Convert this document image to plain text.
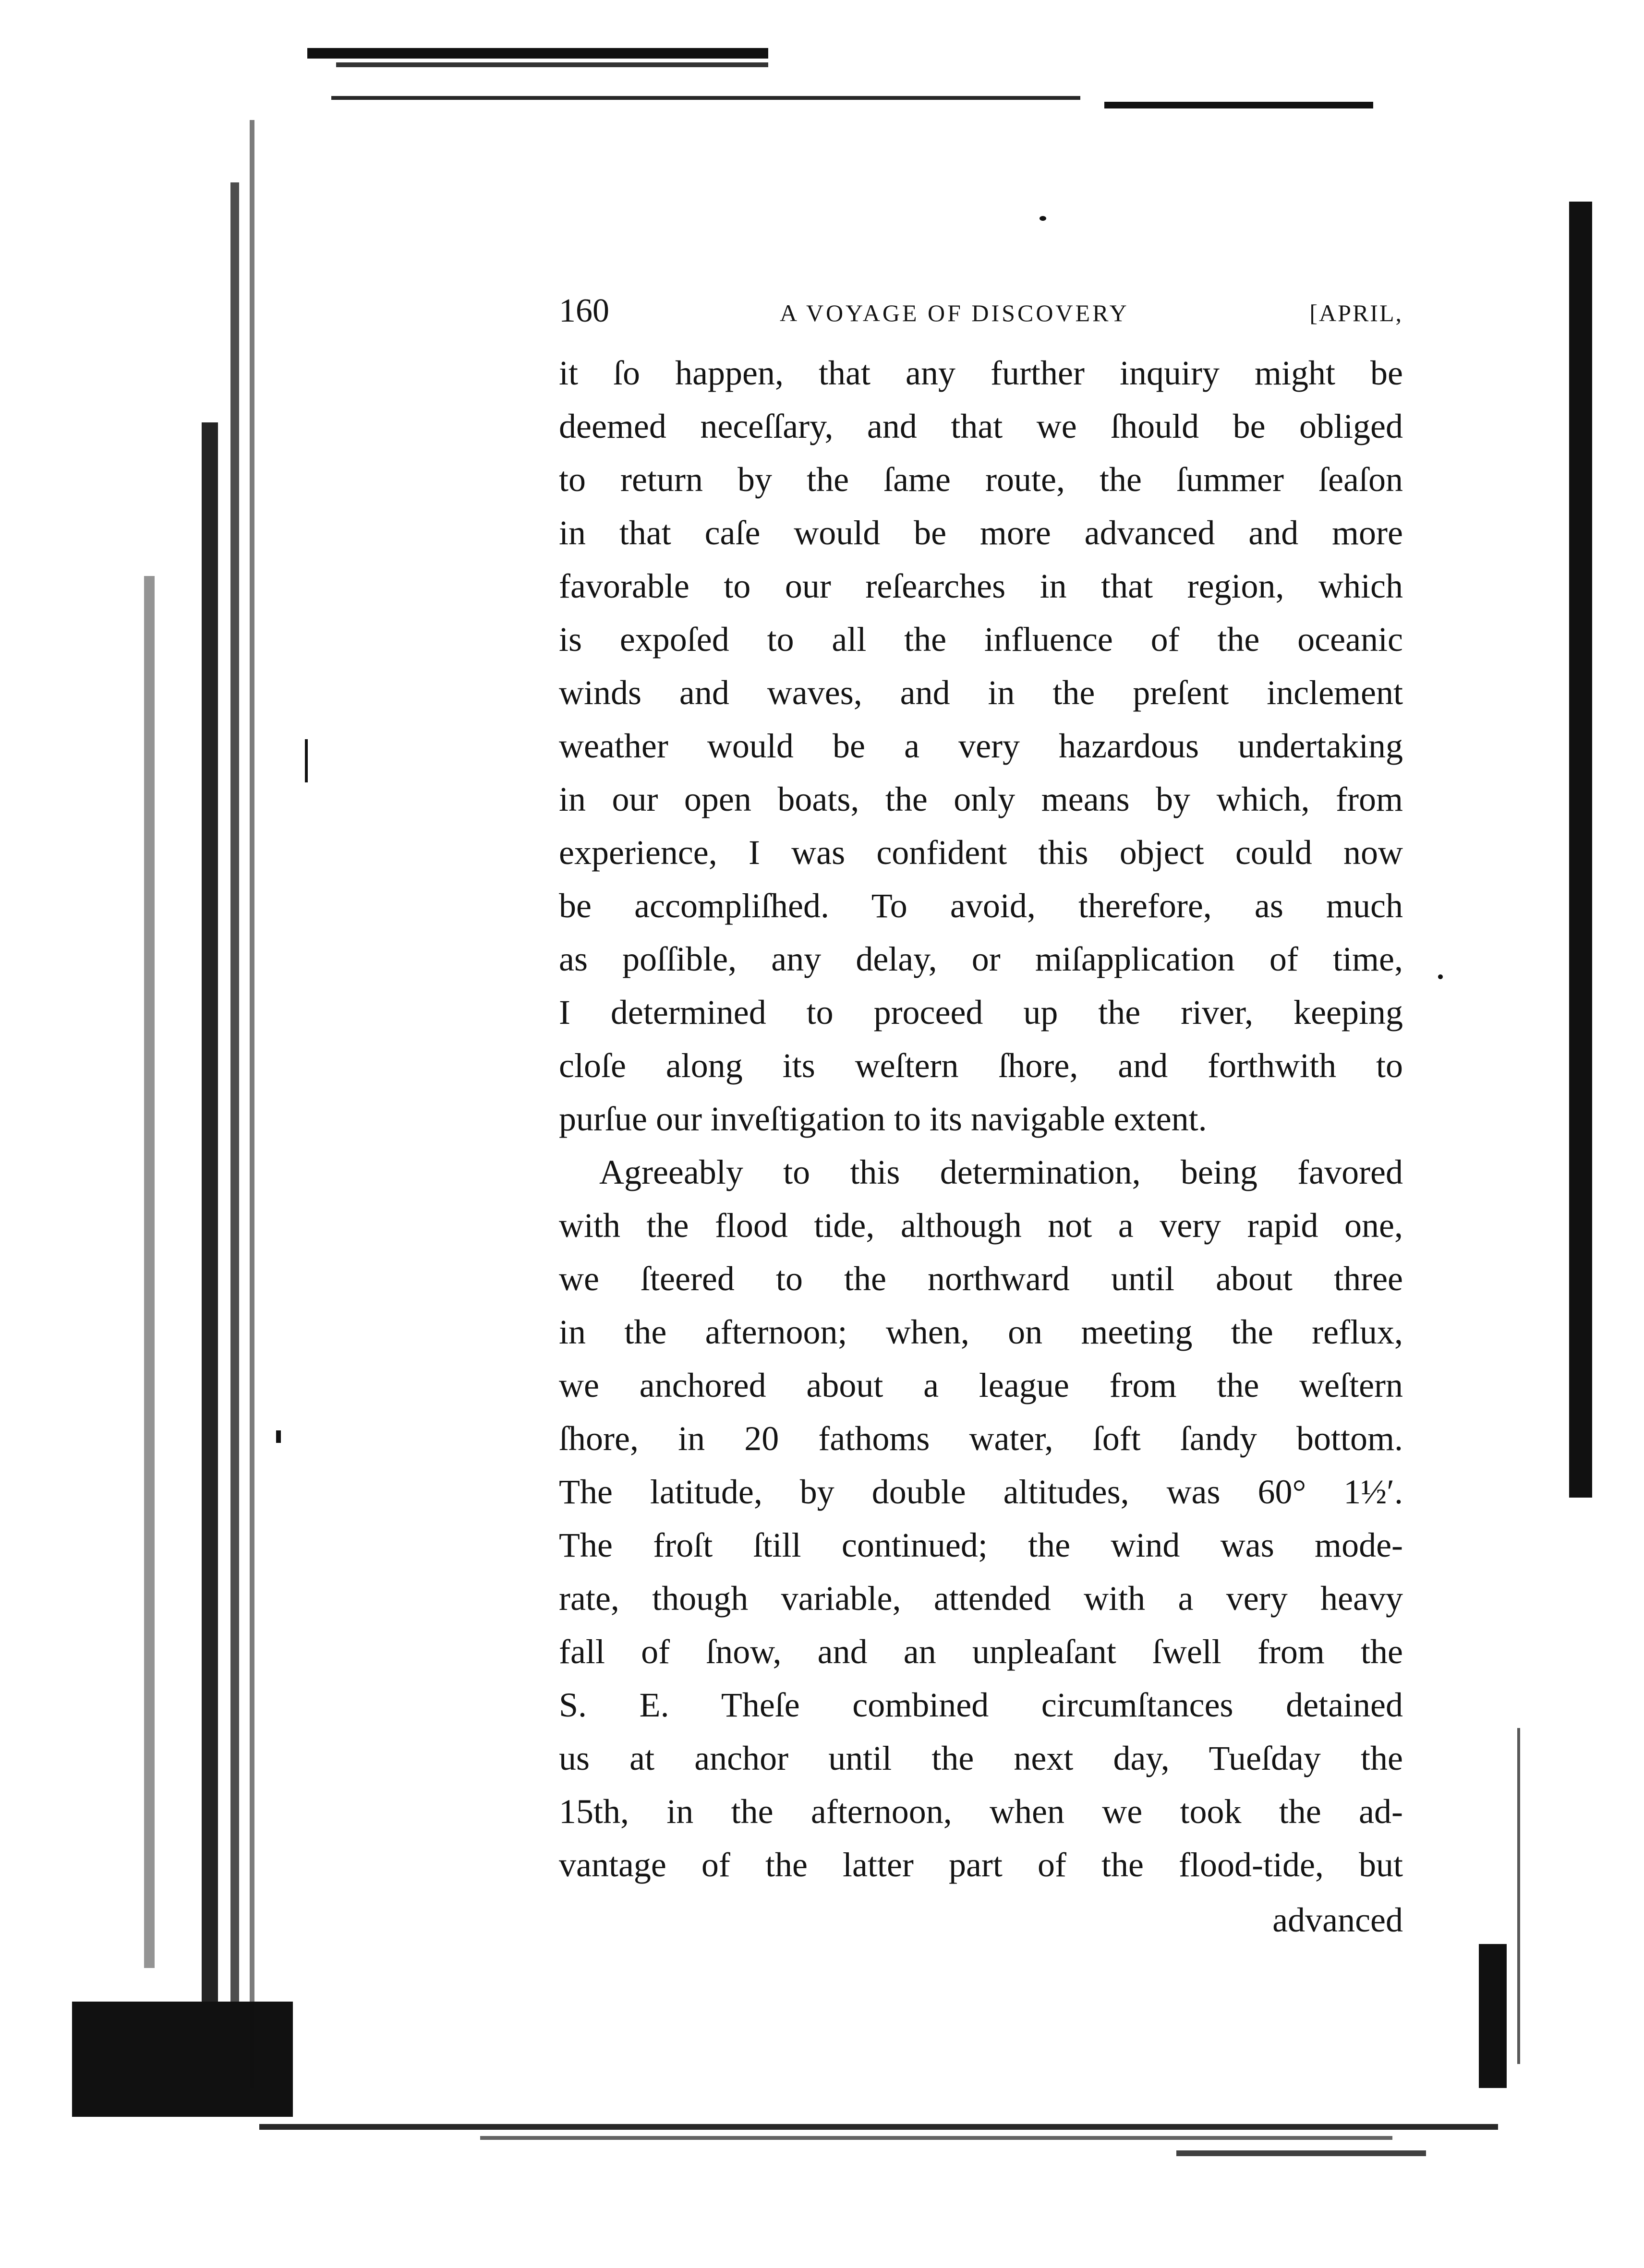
160	A VOYAGE OF DISCOVERY	[APRIL,

it ſo happen, that any further inquiry might be

deemed neceſſary, and that we ſhould be obliged

to return by the ſame route, the ſummer ſeaſon

in that caſe would be more advanced and more

favorable to our reſearches in that region, which

is expoſed to all the influence of the oceanic

winds and waves, and in the preſent inclement

weather would be a very hazardous undertaking

in our open boats, the only means by which, from

experience, I was confident this object could now

be accompliſhed. To avoid, therefore, as much

as poſſible, any delay, or miſapplication of time,

I determined to proceed up the river, keeping

cloſe along its weſtern ſhore, and forthwith to

purſue our inveſtigation to its navigable extent.

Agreeably to this determination, being favored

with the flood tide, although not a very rapid one,

we ſteered to the northward until about three

in the afternoon; when, on meeting the reflux,

we anchored about a league from the weſtern

ſhore, in 20 fathoms water, ſoft ſandy bottom.

The latitude, by double altitudes, was 60° 1½′.

The froſt ſtill continued; the wind was mode-

rate, though variable, attended with a very heavy

fall of ſnow, and an unpleaſant ſwell from the

S. E. Theſe combined circumſtances detained

us at anchor until the next day, Tueſday the

15th, in the afternoon, when we took the ad-

vantage of the latter part of the flood-tide, but

advanced
